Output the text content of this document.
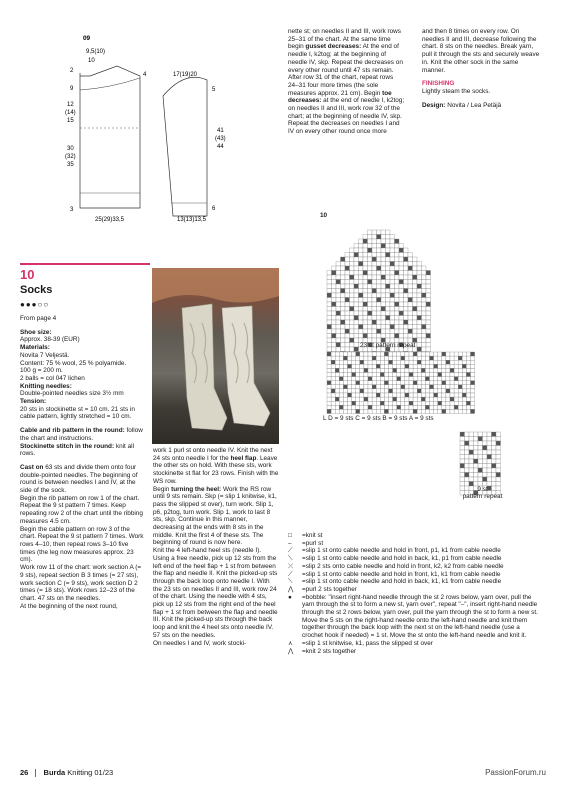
09
9,5(10)
10
4
2
9
12
(14)
15
30
(32)
35
3
25(29)33,5
17(19)20
5
41
(43)
44
6
13(13)13,5
nette st; on needles II and III, work rows 25–31 of the chart. At the same time begin gusset decreases: At the end of needle I, k2tog; at the beginning of needle IV, skp. Repeat the decreases on every other round until 47 sts remain. After row 31 of the chart, repeat rows 24–31 four more times (the sole measures approx. 21 cm). Begin toe decreases: at the end of needle I, k2tog; on needles II and III, work row 32 of the chart; at the beginning of needle IV, skp. Repeat the decreases on needles I and IV on every other round once more

and then 8 times on every row. On needles II and III, decrease following the chart. 8 sts on the needles. Break yarn, pull it through the sts and securely weave in. Knit the other sock in the same manner.

FINISHING

Lightly steam the socks.

Design: Novita / Lea Petäjä

10
23 st pattern repeat
L D = 9 sts C = 9 sts B = 9 sts A = 9 sts
9 st
pattern repeat
10
Socks
●●●○○

From page 4

Shoe size:

Approx. 38-39 (EUR)

Materials:

Novita 7 Veljestä.
Content: 75 % wool, 25 % polyamide.
100 g = 200 m.
2 balls = col 047 lichen

Knitting needles:

Double-pointed needles size 3½ mm

Tension:

20 sts in stockinette st = 10 cm. 21 sts in cable pattern, lightly stretched = 10 cm.

Cable and rib pattern in the round: follow the chart and instructions.

Stockinette stitch in the round: knit all rows.

Cast on 63 sts and divide them onto four double-pointed needles. The beginning of round is between needles I and IV, at the side of the sock.
Begin the rib pattern on row 1 of the chart. Repeat the 9 st pattern 7 times. Keep repeating row 2 of the chart until the ribbing measures 4.5 cm.
Begin the cable pattern on row 3 of the chart. Repeat the 9 st pattern 7 times. Work rows 4–10, then repeat rows 3–10 five times (the leg now measures approx. 23 cm).
Work row 11 of the chart: work section A (= 9 sts), repeat section B 3 times (= 27 sts), work section C (= 9 sts), work section D 2 times (= 18 sts). Work rows 12–23 of the chart. 47 sts on the needles.
At the beginning of the next round,

work 1 purl st onto needle IV. Knit the next 24 sts onto needle I for the heel flap. Leave the other sts on hold. With these sts, work stockinette st flat for 23 rows. Finish with the WS row.

Begin turning the heel: Work the RS row until 9 sts remain. Skp (= slip 1 knitwise, k1, pass the slipped st over), turn work. Slip 1, p6, p2tog, turn work. Slip 1, work to last 8 sts, skp. Continue in this manner, decreasing at the ends with 8 sts in the middle. Knit the first 4 of these sts. The beginning of round is now here.

Knit the 4 left-hand heel sts (needle I). Using a free needle, pick up 12 sts from the left end of the heel flap + 1 st from between the flap and needle II. Knit the picked-up sts through the back loop onto needle I. With the 23 sts on needles II and III, work row 24 of the chart. Using the needle with 4 sts, pick up 12 sts from the right end of the heel flap + 1 st from between the flap and needle III. Knit the picked-up sts through the back loop and knit the 4 heel sts onto needle IV. 57 sts on the needles.

On needles I and IV, work stocki-

□	=knit st
–	=purl st
⟋	=slip 1 st onto cable needle and hold in front, p1, k1 from cable needle
⟍	=slip 1 st onto cable needle and hold in back, k1, p1 from cable needle
⤫	=slip 2 sts onto cable needle and hold in front, k2, k2 from cable needle
⟋	=slip 1 st onto cable needle and hold in front, k1, k1 from cable needle
⟍	=slip 1 st onto cable needle and hold in back, k1, k1 from cable needle
⋀	=purl 2 sts together
●	=bobble: "insert right-hand needle through the st 2 rows below, yarn over, pull the yarn through the st to form a new st, yarn over", repeat "–", insert right-hand needle through the st 2 rows below, yarn over, pull the yarn through the st to form a new st. Move the 5 sts on the right-hand needle onto the left-hand needle and knit them together through the back loop with the next st on the left-hand needle (use a crochet hook if needed) = 1 st. Move the st onto the left-hand needle and knit it.
⋏	=slip 1 st knitwise, k1, pass the slipped st over
⋀	=knit 2 sts together
26 Burda Knitting 01/23	PassionForum.ru
